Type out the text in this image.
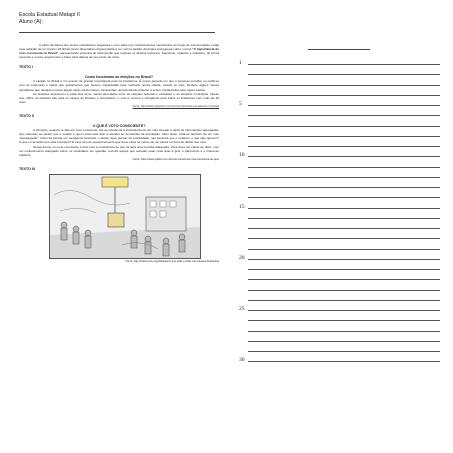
Escola Estadual Matapi II
Aluno (A):
A partir da leitura dos textos motivadores seguintes e com base nos conhecimentos construídos ao longo de sua formação, redija uma redação de no mínimo 15 linhas (texto dissertativo-argumentativo) em norma padrão da língua portuguesa sobre o tema "A importância do voto consciente no Brasil", apresentando proposta de intervenção que respeite os direitos humanos. Selecione, organize e relacione, de forma coerente e coesa, argumentos e fatos para defesa de seu ponto de vista.
TEXTO I
Como funcionam as eleições no Brasil?
A eleição no Brasil é um evento de grande importância para os brasileiros. É nesse período em que é possível escolher os políticos com as propostas e ideias que gostaríamos que fossem implantadas para melhorar nossa cidade, estado ou país. Durante alguns meses candidatos que desejam ocupar algum cargo eletivo fazem campanhas, apresentando projetos a serem implantados caso sejam eleitos.
As eleições acontecem a cada dois anos, sendo alternadas entre as eleições federais e estaduais e as eleições municipais. Nesse ano, 2024, as eleições são para os cargos de Prefeito e Vereadores, o voto é secreto e obrigatório para todos os brasileiros com mais de 18 anos.
Fonte: http://www.unpetrosrl.com.br/como-funcionam-as-eleicoes-no-brasil/
TEXTO II
O QUE É VOTO CONSCIENTE?
A princípio, quando se fala em voto consciente, faz-se referência à importância de um voto tomado a partir de informações adequadas. Que apontem ao eleitor que o votado é quem está mais apto a atender às demandas da população. Além disso, trata-se também de um voto "desapegado": antes de pensar em vantagens pessoais, o eleitor deve pensar na coletividade, nas pessoas que o rodeiam: o que elas querem? O que eu acredito que elas precisam? É esse tipo de questionamento que deve estar na mente de um eleitor na hora de definir seu voto.
Dessa forma, um voto consciente é feito com a consciência de que foi feita uma escolha adequada. Você deve ser capaz de dizer: com um conhecimento adequado sobre os candidatos em questão, escolhi aquele que acredito estar mais apto a gerir o patrimônio e o interesse públicos.
Fonte: https://www.politize.com.br/voto-consciente-mas-consciente-de-que/
TEXTO III
Fonte: http://rediscovery.org/2dobgwc/s-que-pode-mudar-nas-eleicoes-brasileiras
1
5
10
15
20
25
30
